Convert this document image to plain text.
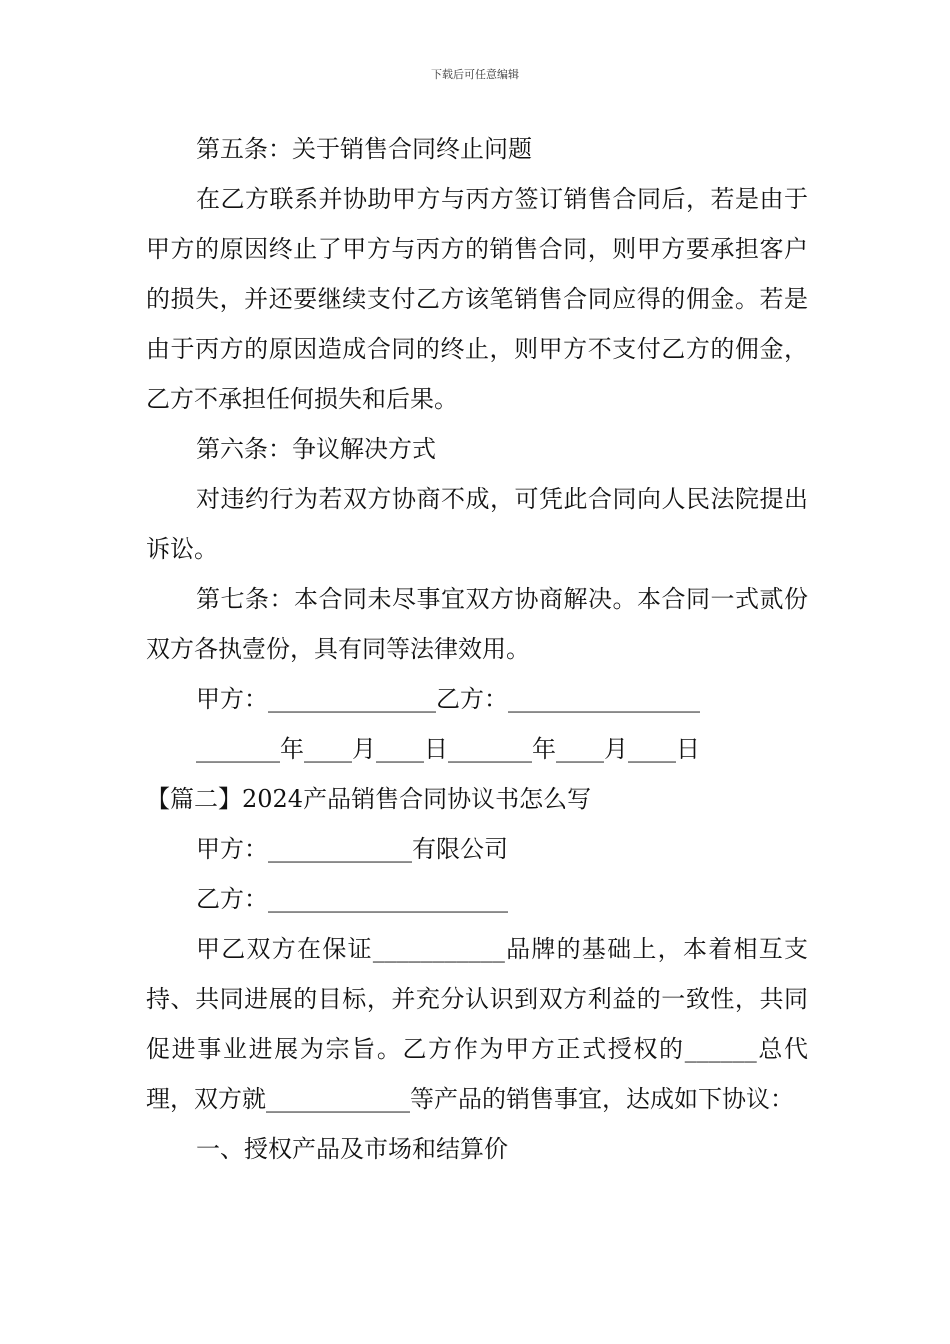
下载后可任意编辑

第五条：关于销售合同终止问题

在乙方联系并协助甲方与丙方签订销售合同后，若是由于甲方的原因终止了甲方与丙方的销售合同，则甲方要承担客户的损失，并还要继续支付乙方该笔销售合同应得的佣金。若是由于丙方的原因造成合同的终止，则甲方不支付乙方的佣金，乙方不承担任何损失和后果。

第六条：争议解决方式

对违约行为若双方协商不成，可凭此合同向人民法院提出诉讼。

第七条：本合同未尽事宜双方协商解决。本合同一式贰份双方各执壹份，具有同等法律效用。

甲方：______________乙方：________________

_______年____月____日_______年____月____日

【篇二】2024产品销售合同协议书怎么写

甲方：____________有限公司

乙方：____________________

甲乙双方在保证___________品牌的基础上，本着相互支持、共同进展的目标，并充分认识到双方利益的一致性，共同促进事业进展为宗旨。乙方作为甲方正式授权的______总代理，双方就____________等产品的销售事宜，达成如下协议：

一、授权产品及市场和结算价
